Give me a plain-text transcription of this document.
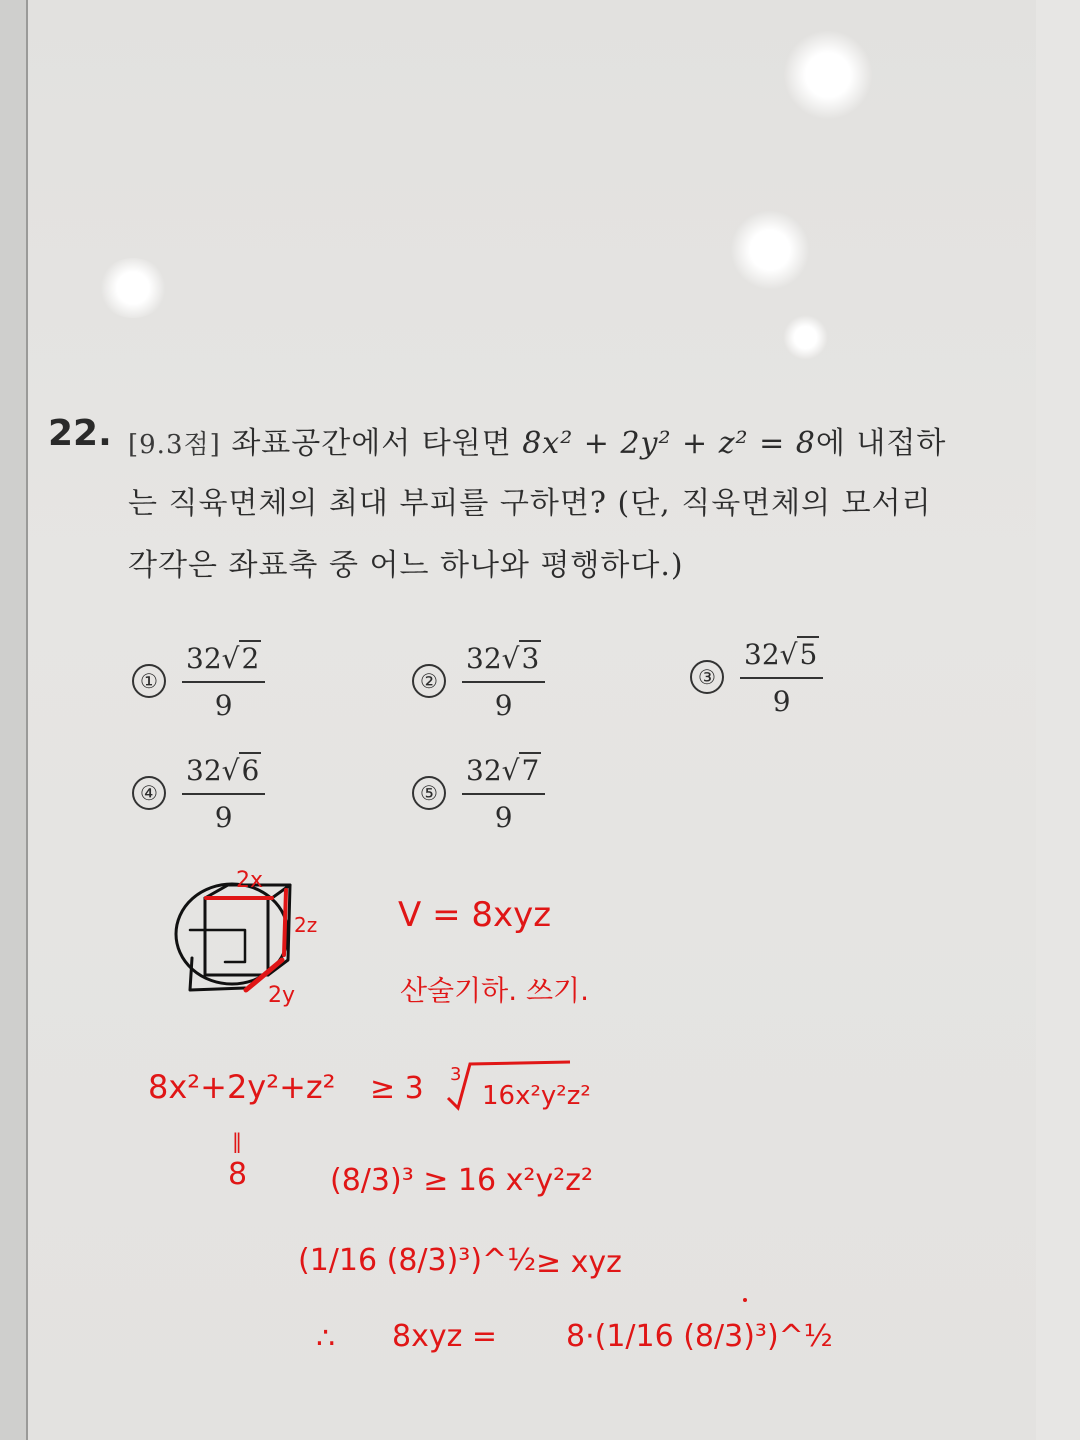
22. [9.3점] 좌표공간에서 타원면 8x² + 2y² + z² = 8에 내접하
는 직육면체의 최대 부피를 구하면? (단, 직육면체의 모서리
각각은 좌표축 중 어느 하나와 평행하다.)
① $\frac{32√2}{9}$	② $\frac{32√3}{9}$	③ $\frac{32√5}{9}$
④ $\frac{32√6}{9}$	⑤ $\frac{32√7}{9}$
2x
2z
2y
V = 8xyz
산술기하. 쓰기.
8x²+2y²+z² ≥ 3 3
16x²y²z²
‖
8	(8/3)³ ≥ 16 x²y²z²
(1/16 (8/3)³)^½ ≥ xyz
∴ 8xyz = 8·(1/16 (8/3)³)^½
